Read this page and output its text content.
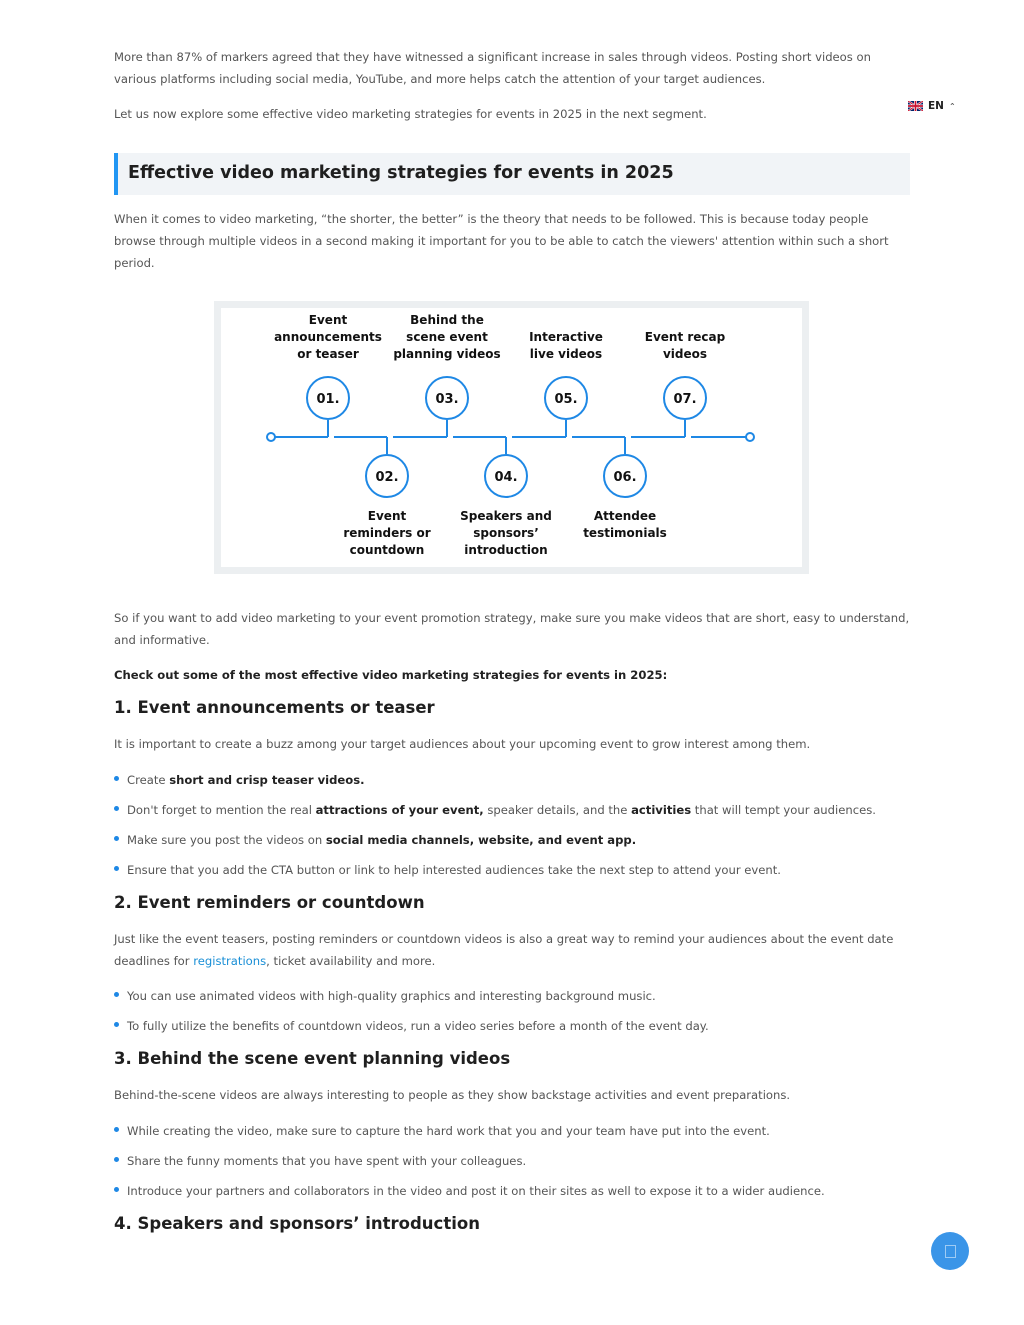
More than 87% of markers agreed that they have witnessed a significant increase in sales through videos. Posting short videos on various platforms including social media, YouTube, and more helps catch the attention of your target audiences.

Let us now explore some effective video marketing strategies for events in 2025 in the next segment.

EN ⌃
Effective video marketing strategies for events in 2025

When it comes to video marketing, “the shorter, the better” is the theory that needs to be followed. This is because today people browse through multiple videos in a second making it important for you to be able to catch the viewers' attention within such a short period.

01.
Event
announcements
or teaser
02.
Event
reminders or
countdown
03.
Behind the
scene event
planning videos
04.
Speakers and
sponsors’
introduction
05.
Interactive
live videos
06.
Attendee
testimonials
07.
Event recap
videos

So if you want to add video marketing to your event promotion strategy, make sure you make videos that are short, easy to understand, and informative.

Check out some of the most effective video marketing strategies for events in 2025:

1. Event announcements or teaser

It is important to create a buzz among your target audiences about your upcoming event to grow interest among them.

Create short and crisp teaser videos.
Don't forget to mention the real attractions of your event, speaker details, and the activities that will tempt your audiences.
Make sure you post the videos on social media channels, website, and event app.
Ensure that you add the CTA button or link to help interested audiences take the next step to attend your event.
2. Event reminders or countdown

Just like the event teasers, posting reminders or countdown videos is also a great way to remind your audiences about the event date deadlines for registrations, ticket availability and more.

You can use animated videos with high-quality graphics and interesting background music.
To fully utilize the benefits of countdown videos, run a video series before a month of the event day.
3. Behind the scene event planning videos

Behind-the-scene videos are always interesting to people as they show backstage activities and event preparations.

While creating the video, make sure to capture the hard work that you and your team have put into the event.
Share the funny moments that you have spent with your colleagues.
Introduce your partners and collaborators in the video and post it on their sites as well to expose it to a wider audience.
4. Speakers and sponsors’ introduction
